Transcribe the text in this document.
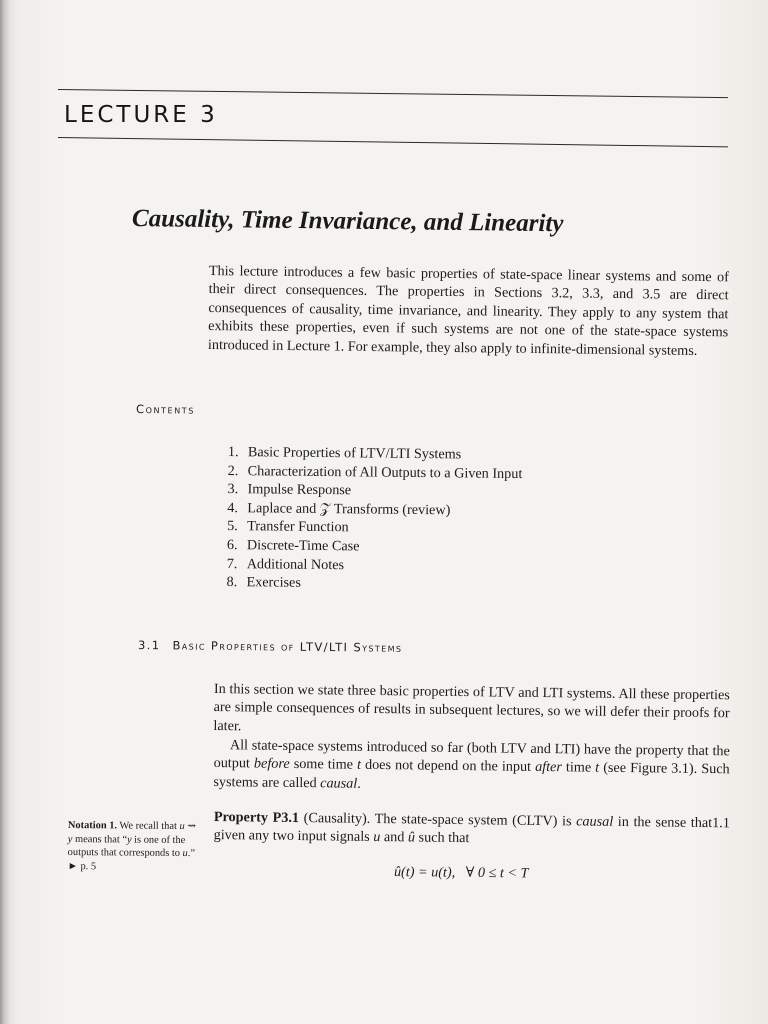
LECTURE 3
Causality, Time Invariance, and Linearity
This lecture introduces a few basic properties of state-space linear systems and some of their direct consequences. The properties in Sections 3.2, 3.3, and 3.5 are direct consequences of causality, time invariance, and linearity. They apply to any system that exhibits these properties, even if such systems are not one of the state-space systems introduced in Lecture 1. For example, they also apply to infinite-dimensional systems.
Contents
1. Basic Properties of LTV/LTI Systems
2. Characterization of All Outputs to a Given Input
3. Impulse Response
4. Laplace and 𝒵 Transforms (review)
5. Transfer Function
6. Discrete-Time Case
7. Additional Notes
8. Exercises
3.1 Basic Properties of LTV/LTI Systems
In this section we state three basic properties of LTV and LTI systems. All these properties are simple consequences of results in subsequent lectures, so we will defer their proofs for later.
All state-space systems introduced so far (both LTV and LTI) have the property that the output before some time t does not depend on the input after time t (see Figure 3.1). Such systems are called causal.
Property P3.1 (Causality). The state-space system (CLTV) is causal in the sense that1.1 given any two input signals u and û such that
Notation 1. We recall that u ⇝ y means that “y is one of the outputs that corresponds to u.”
► p. 5	û(t) = u(t),   ∀ 0 ≤ t < T
